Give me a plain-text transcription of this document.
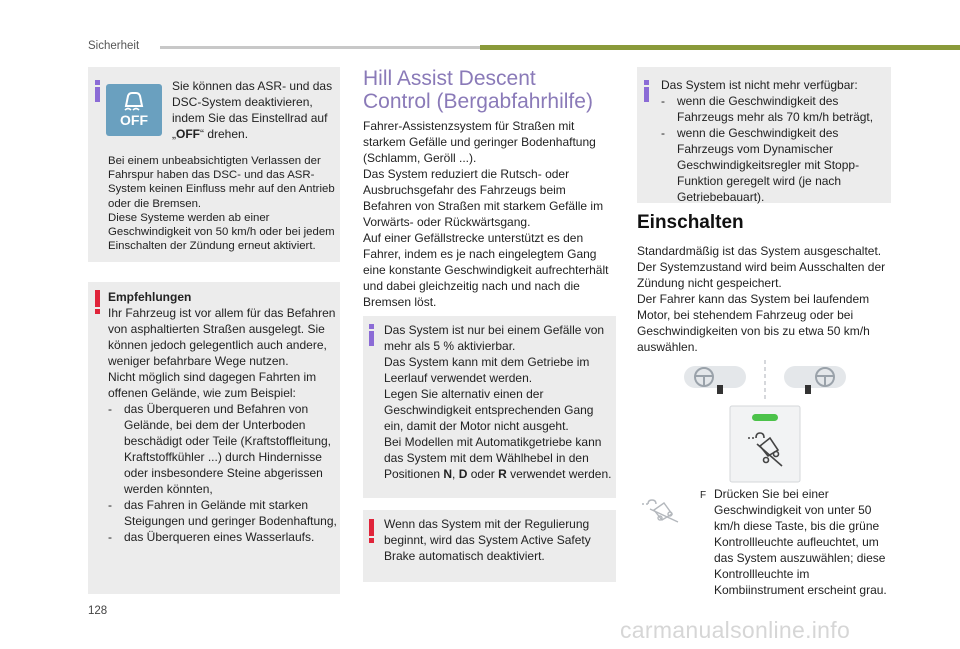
Sicherheit
OFF
Sie können das ASR- und das DSC-System deaktivieren, indem Sie das Einstellrad auf „OFF“ drehen.
Bei einem unbeabsichtigten Verlassen der Fahrspur haben das DSC- und das ASR-System keinen Einfluss mehr auf den Antrieb oder die Bremsen.
Diese Systeme werden ab einer Geschwindigkeit von 50 km/h oder bei jedem Einschalten der Zündung erneut aktiviert.
Empfehlungen
Ihr Fahrzeug ist vor allem für das Befahren von asphaltierten Straßen ausgelegt. Sie können jedoch gelegentlich auch andere, weniger befahrbare Wege nutzen.
Nicht möglich sind dagegen Fahrten im offenen Gelände, wie zum Beispiel:
-	das Überqueren und Befahren von Gelände, bei dem der Unterboden beschädigt oder Teile (Kraftstoffleitung, Kraftstoffkühler ...) durch Hindernisse oder insbesondere Steine abgerissen werden könnten,
-	das Fahren in Gelände mit starken Steigungen und geringer Bodenhaftung,
-	das Überqueren eines Wasserlaufs.
Hill Assist Descent
Control (Bergabfahrhilfe)
Fahrer-Assistenzsystem für Straßen mit starkem Gefälle und geringer Bodenhaftung (Schlamm, Geröll ...).
Das System reduziert die Rutsch- oder Ausbruchsgefahr des Fahrzeugs beim Befahren von Straßen mit starkem Gefälle im Vorwärts- oder Rückwärtsgang.
Auf einer Gefällstrecke unterstützt es den Fahrer, indem es je nach eingelegtem Gang eine konstante Geschwindigkeit aufrechterhält und dabei gleichzeitig nach und nach die Bremsen löst.
Das System ist nur bei einem Gefälle von mehr als 5 % aktivierbar.
Das System kann mit dem Getriebe im Leerlauf verwendet werden.
Legen Sie alternativ einen der Geschwindigkeit entsprechenden Gang ein, damit der Motor nicht ausgeht.
Bei Modellen mit Automatikgetriebe kann das System mit dem Wählhebel in den Positionen N, D oder R verwendet werden.
Wenn das System mit der Regulierung beginnt, wird das System Active Safety Brake automatisch deaktiviert.
Das System ist nicht mehr verfügbar:
-	wenn die Geschwindigkeit des Fahrzeugs mehr als 70 km/h beträgt,
-	wenn die Geschwindigkeit des Fahrzeugs vom Dynamischer Geschwindigkeitsregler mit Stopp-Funktion geregelt wird (je nach Getriebebauart).
Einschalten
Standardmäßig ist das System ausgeschaltet.
Der Systemzustand wird beim Ausschalten der Zündung nicht gespeichert.
Der Fahrer kann das System bei laufendem Motor, bei stehendem Fahrzeug oder bei Geschwindigkeiten von bis zu etwa 50 km/h auswählen.
F Drücken Sie bei einer Geschwindigkeit von unter 50 km/h diese Taste, bis die grüne Kontrollleuchte aufleuchtet, um das System auszuwählen; diese Kontrollleuchte im Kombiinstrument erscheint grau.
128
carmanualsonline.info
